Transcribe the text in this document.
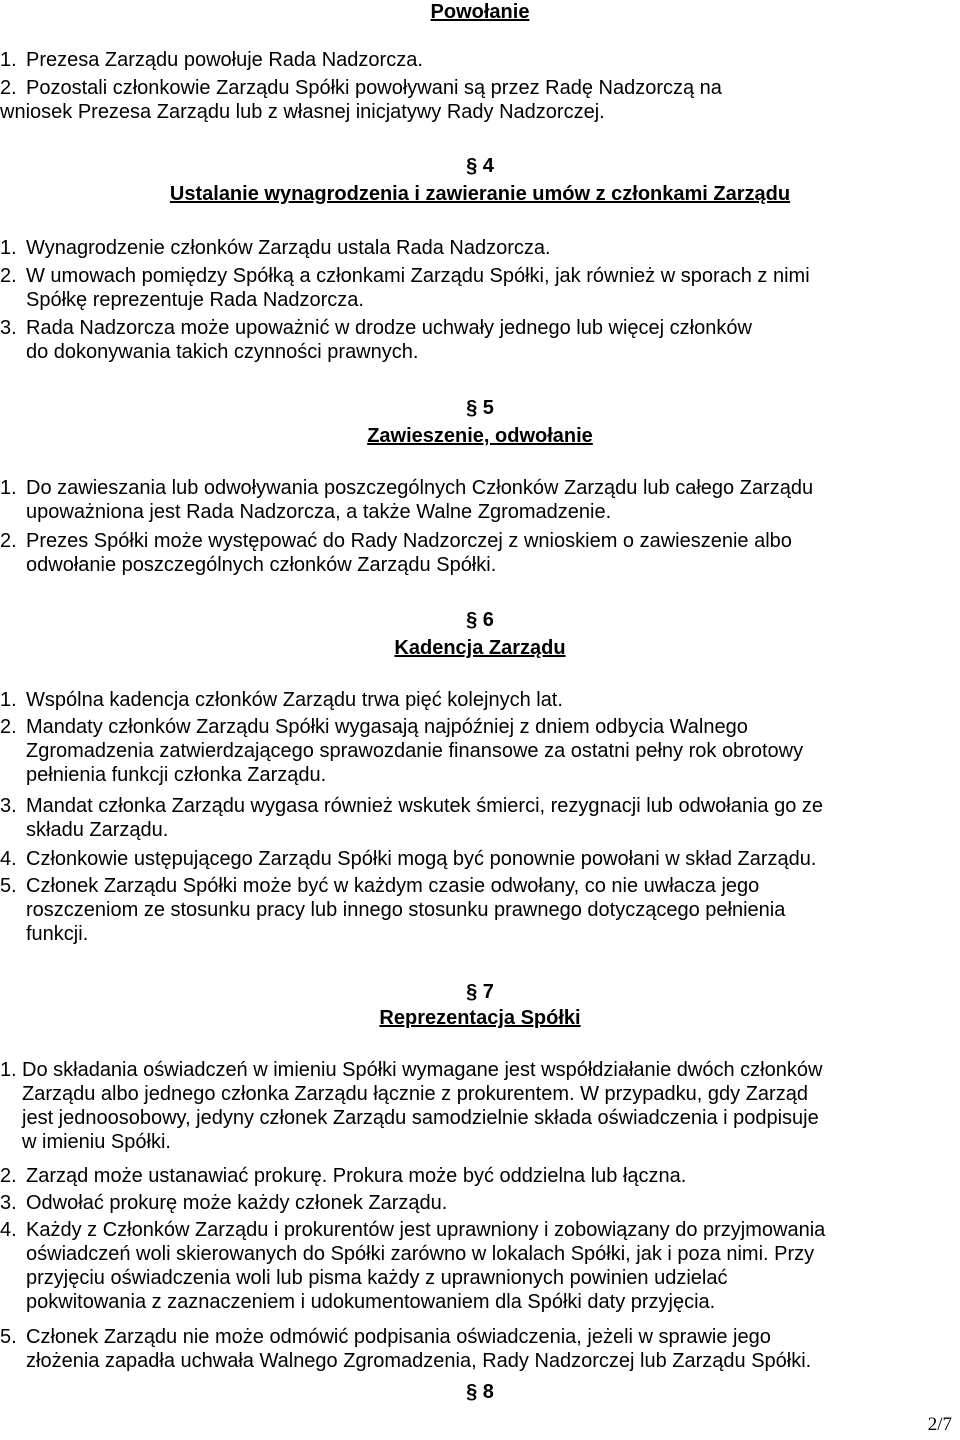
Powołanie
1. Prezesa Zarządu powołuje Rada Nadzorcza.
2. Pozostali członkowie Zarządu Spółki powoływani są przez Radę Nadzorczą na
wniosek Prezesa Zarządu lub z własnej inicjatywy Rady Nadzorczej.
§ 4
Ustalanie wynagrodzenia i zawieranie umów z członkami Zarządu
1. Wynagrodzenie członków Zarządu ustala Rada Nadzorcza.
2. W umowach pomiędzy Spółką a członkami Zarządu Spółki, jak również w sporach z nimi
Spółkę reprezentuje Rada Nadzorcza.
3. Rada Nadzorcza może upoważnić w drodze uchwały jednego lub więcej członków
do dokonywania takich czynności prawnych.
§ 5
Zawieszenie, odwołanie
1. Do zawieszania lub odwoływania poszczególnych Członków Zarządu lub całego Zarządu
upoważniona jest Rada Nadzorcza, a także Walne Zgromadzenie.
2. Prezes Spółki może występować do Rady Nadzorczej z wnioskiem o zawieszenie albo
odwołanie poszczególnych członków Zarządu Spółki.
§ 6
Kadencja Zarządu
1. Wspólna kadencja członków Zarządu trwa pięć kolejnych lat.
2. Mandaty członków Zarządu Spółki wygasają najpóźniej z dniem odbycia Walnego
Zgromadzenia zatwierdzającego sprawozdanie finansowe za ostatni pełny rok obrotowy
pełnienia funkcji członka Zarządu.
3. Mandat członka Zarządu wygasa również wskutek śmierci, rezygnacji lub odwołania go ze
składu Zarządu.
4. Członkowie ustępującego Zarządu Spółki mogą być ponownie powołani w skład Zarządu.
5. Członek Zarządu Spółki może być w każdym czasie odwołany, co nie uwłacza jego
roszczeniom ze stosunku pracy lub innego stosunku prawnego dotyczącego pełnienia
funkcji.
§ 7
Reprezentacja Spółki
1. Do składania oświadczeń w imieniu Spółki wymagane jest współdziałanie dwóch członków
Zarządu albo jednego członka Zarządu łącznie z prokurentem. W przypadku, gdy Zarząd
jest jednoosobowy, jedyny członek Zarządu samodzielnie składa oświadczenia i podpisuje
w imieniu Spółki.
2. Zarząd może ustanawiać prokurę. Prokura może być oddzielna lub łączna.
3. Odwołać prokurę może każdy członek Zarządu.
4. Każdy z Członków Zarządu i prokurentów jest uprawniony i zobowiązany do przyjmowania
oświadczeń woli skierowanych do Spółki zarówno w lokalach Spółki, jak i poza nimi. Przy
przyjęciu oświadczenia woli lub pisma każdy z uprawnionych powinien udzielać
pokwitowania z zaznaczeniem i udokumentowaniem dla Spółki daty przyjęcia.
5. Członek Zarządu nie może odmówić podpisania oświadczenia, jeżeli w sprawie jego
złożenia zapadła uchwała Walnego Zgromadzenia, Rady Nadzorczej lub Zarządu Spółki.
§ 8
2/7
